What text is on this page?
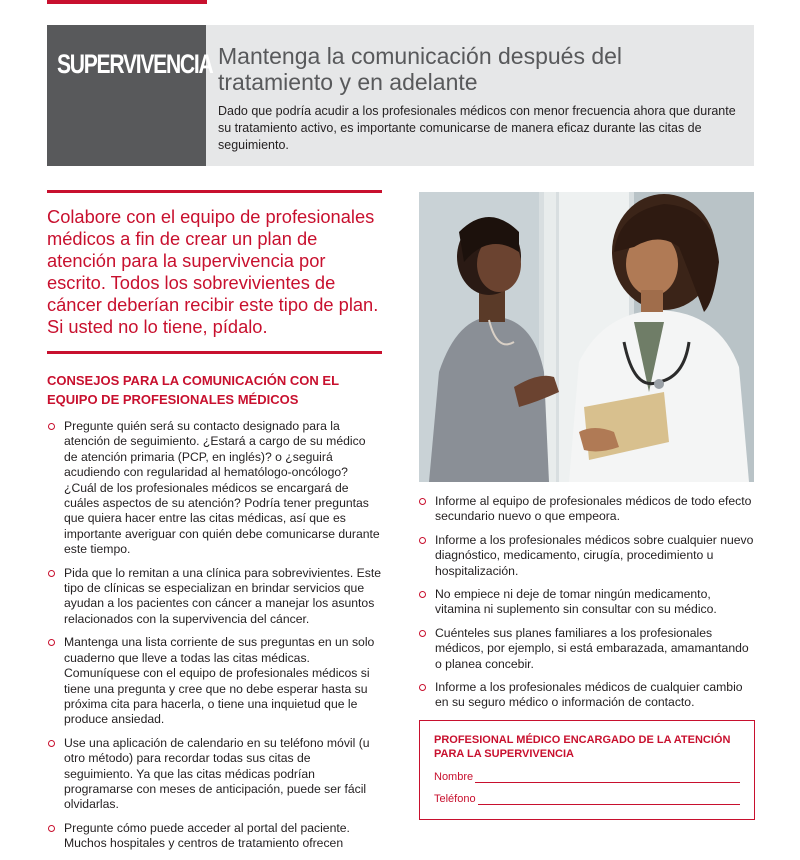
SUPERVIVENCIA Mantenga la comunicación después del tratamiento y en adelante
Dado que podría acudir a los profesionales médicos con menor frecuencia ahora que durante su tratamiento activo, es importante comunicarse de manera eficaz durante las citas de seguimiento.

Colabore con el equipo de profesionales médicos a fin de crear un plan de atención para la supervivencia por escrito. Todos los sobrevivientes de cáncer deberían recibir este tipo de plan. Si usted no lo tiene, pídalo.

CONSEJOS PARA LA COMUNICACIÓN CON EL EQUIPO DE PROFESIONALES MÉDICOS
Pregunte quién será su contacto designado para la atención de seguimiento. ¿Estará a cargo de su médico de atención primaria (PCP, en inglés)? o ¿seguirá acudiendo con regularidad al hematólogo-oncólogo? ¿Cuál de los profesionales médicos se encargará de cuáles aspectos de su atención? Podría tener preguntas que quiera hacer entre las citas médicas, así que es importante averiguar con quién debe comunicarse durante este tiempo.
Pida que lo remitan a una clínica para sobrevivientes. Este tipo de clínicas se especializan en brindar servicios que ayudan a los pacientes con cáncer a manejar los asuntos relacionados con la supervivencia del cáncer.
Mantenga una lista corriente de sus preguntas en un solo cuaderno que lleve a todas las citas médicas. Comuníquese con el equipo de profesionales médicos si tiene una pregunta y cree que no debe esperar hasta su próxima cita para hacerla, o tiene una inquietud que le produce ansiedad.
Use una aplicación de calendario en su teléfono móvil (u otro método) para recordar todas sus citas de seguimiento. Ya que las citas médicas podrían programarse con meses de anticipación, puede ser fácil olvidarlas.
Pregunte cómo puede acceder al portal del paciente. Muchos hospitales y centros de tratamiento ofrecen
Informe al equipo de profesionales médicos de todo efecto secundario nuevo o que empeora.
Informe a los profesionales médicos sobre cualquier nuevo diagnóstico, medicamento, cirugía, procedimiento u hospitalización.
No empiece ni deje de tomar ningún medicamento, vitamina ni suplemento sin consultar con su médico.
Cuénteles sus planes familiares a los profesionales médicos, por ejemplo, si está embarazada, amamantando o planea concebir.
Informe a los profesionales médicos de cualquier cambio en su seguro médico o información de contacto.
PROFESIONAL MÉDICO ENCARGADO DE LA ATENCIÓN PARA LA SUPERVIVENCIA
Nombre
Teléfono
